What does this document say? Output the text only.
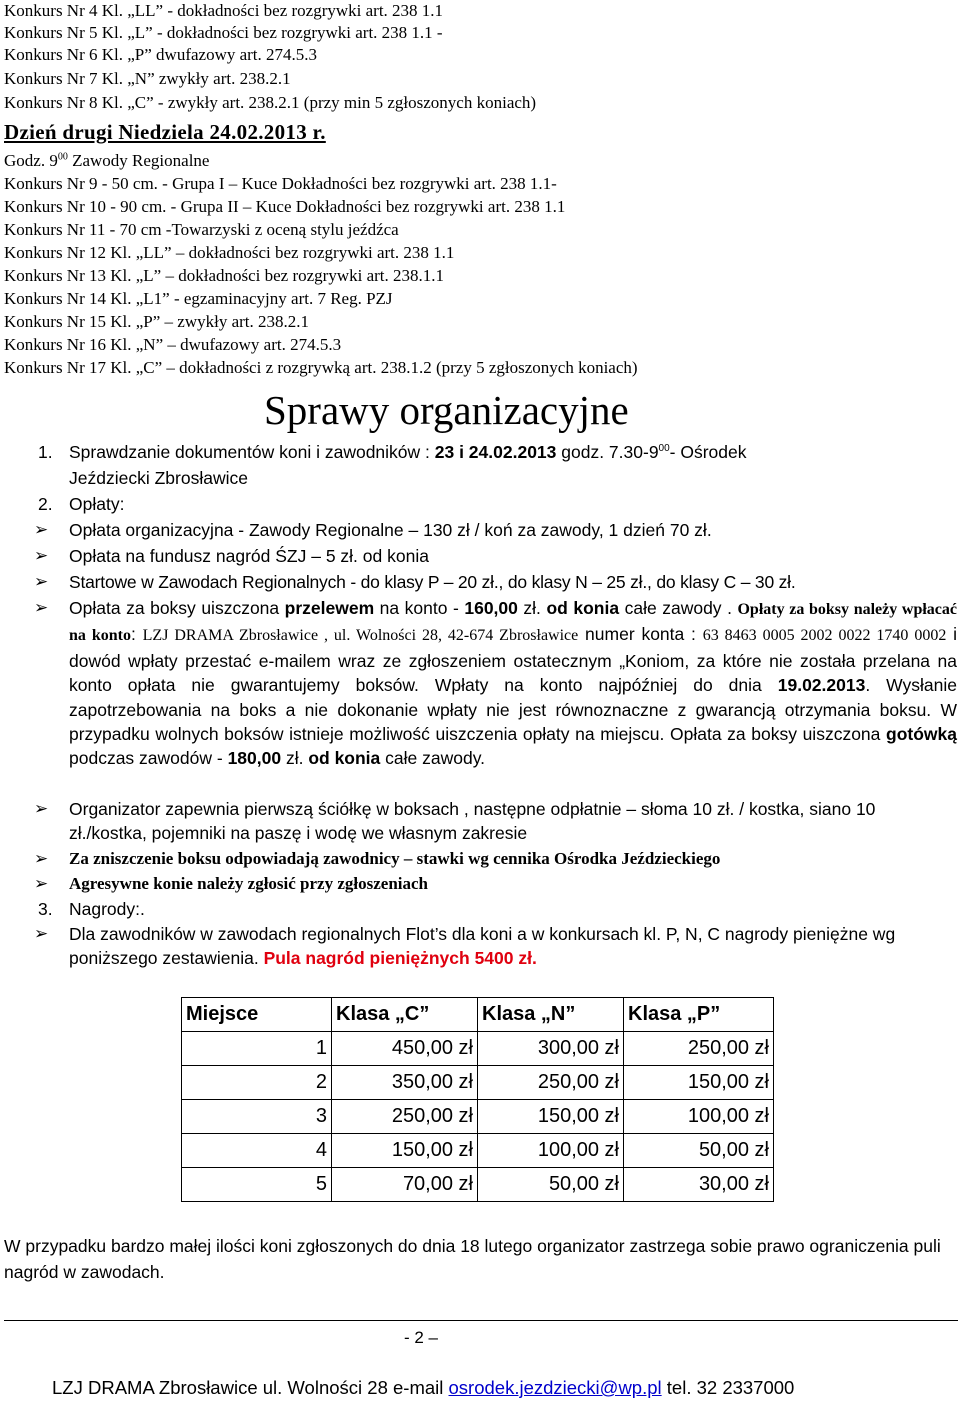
Konkurs Nr 4 Kl. „LL” - dokładności bez rozgrywki art. 238 1.1
Konkurs Nr 5 Kl. „L” - dokładności bez rozgrywki art. 238 1.1 -
Konkurs Nr 6 Kl. „P” dwufazowy art. 274.5.3
Konkurs Nr 7 Kl. „N” zwykły art. 238.2.1
Konkurs Nr 8 Kl. „C” - zwykły art. 238.2.1 (przy min 5 zgłoszonych koniach)
Dzień drugi Niedziela 24.02.2013 r.
Godz. $9^{00}$ Zawody Regionalne
Konkurs Nr 9 - 50 cm. - Grupa I – Kuce Dokładności bez rozgrywki art. 238 1.1-
Konkurs Nr 10 - 90 cm. - Grupa II – Kuce Dokładności bez rozgrywki art. 238 1.1
Konkurs Nr 11 - 70 cm -Towarzyski z oceną stylu jeźdźca
Konkurs Nr 12 Kl. „LL” – dokładności bez rozgrywki art. 238 1.1
Konkurs Nr 13 Kl. „L” – dokładności bez rozgrywki art. 238.1.1
Konkurs Nr 14 Kl. „L1” - egzaminacyjny art. 7 Reg. PZJ
Konkurs Nr 15 Kl. „P” – zwykły art. 238.2.1
Konkurs Nr 16 Kl. „N” – dwufazowy art. 274.5.3
Konkurs Nr 17 Kl. „C” – dokładności z rozgrywką art. 238.1.2 (przy 5 zgłoszonych koniach)
Sprawy organizacyjne
1. Sprawdzanie dokumentów koni i zawodników : 23 i 24.02.2013 godz. $7.30-9^{00}-$ Ośrodek
Jeździecki Zbrosławice
2. Opłaty:
➢ Opłata organizacyjna - Zawody Regionalne – 130 zł / koń za zawody, 1 dzień 70 zł.
➢ Opłata na fundusz nagród ŚZJ – 5 zł. od konia
➢ Startowe w Zawodach Regionalnych - do klasy P – 20 zł., do klasy N – 25 zł., do klasy C – 30 zł.
➢ Opłata za boksy uiszczona przelewem na konto - 160,00 zł. od konia całe zawody . Opłaty za boksy należy wpłacać na konto: LZJ DRAMA Zbrosławice , ul. Wolności 28, 42-674 Zbrosławice numer konta : 63 8463 0005 2002 0022 1740 0002 i dowód wpłaty przestać e-mailem wraz ze zgłoszeniem ostatecznym „Koniom, za które nie została przelana na konto opłata nie gwarantujemy boksów. Wpłaty na konto najpóźniej do dnia 19.02.2013. Wysłanie zapotrzebowania na boks a nie dokonanie wpłaty nie jest równoznaczne z gwarancją otrzymania boksu. W przypadku wolnych boksów istnieje możliwość uiszczenia opłaty na miejscu. Opłata za boksy uiszczona gotówką podczas zawodów - 180,00 zł. od konia całe zawody.
➢ Organizator zapewnia pierwszą ściółkę w boksach , następne odpłatnie – słoma 10 zł. / kostka, siano 10 zł./kostka, pojemniki na paszę i wodę we własnym zakresie
➢ Za zniszczenie boksu odpowiadają zawodnicy – stawki wg cennika Ośrodka Jeździeckiego
➢ Agresywne konie należy zgłosić przy zgłoszeniach
3. Nagrody:.
➢ Dla zawodników w zawodach regionalnych Flot’s dla koni a w konkursach kl. P, N, C nagrody pieniężne wg poniższego zestawienia. Pula nagród pieniężnych 5400 zł.
Miejsce	Klasa „C”	Klasa „N”	Klasa „P”
1	450,00 zł	300,00 zł	250,00 zł
2	350,00 zł	250,00 zł	150,00 zł
3	250,00 zł	150,00 zł	100,00 zł
4	150,00 zł	100,00 zł	50,00 zł
5	70,00 zł	50,00 zł	30,00 zł
W przypadku bardzo małej ilości koni zgłoszonych do dnia 18 lutego organizator zastrzega sobie prawo ograniczenia puli nagród w zawodach.
- 2 –
LZJ DRAMA Zbrosławice ul. Wolności 28 e-mail osrodek.jezdziecki@wp.pl tel. 32 2337000
